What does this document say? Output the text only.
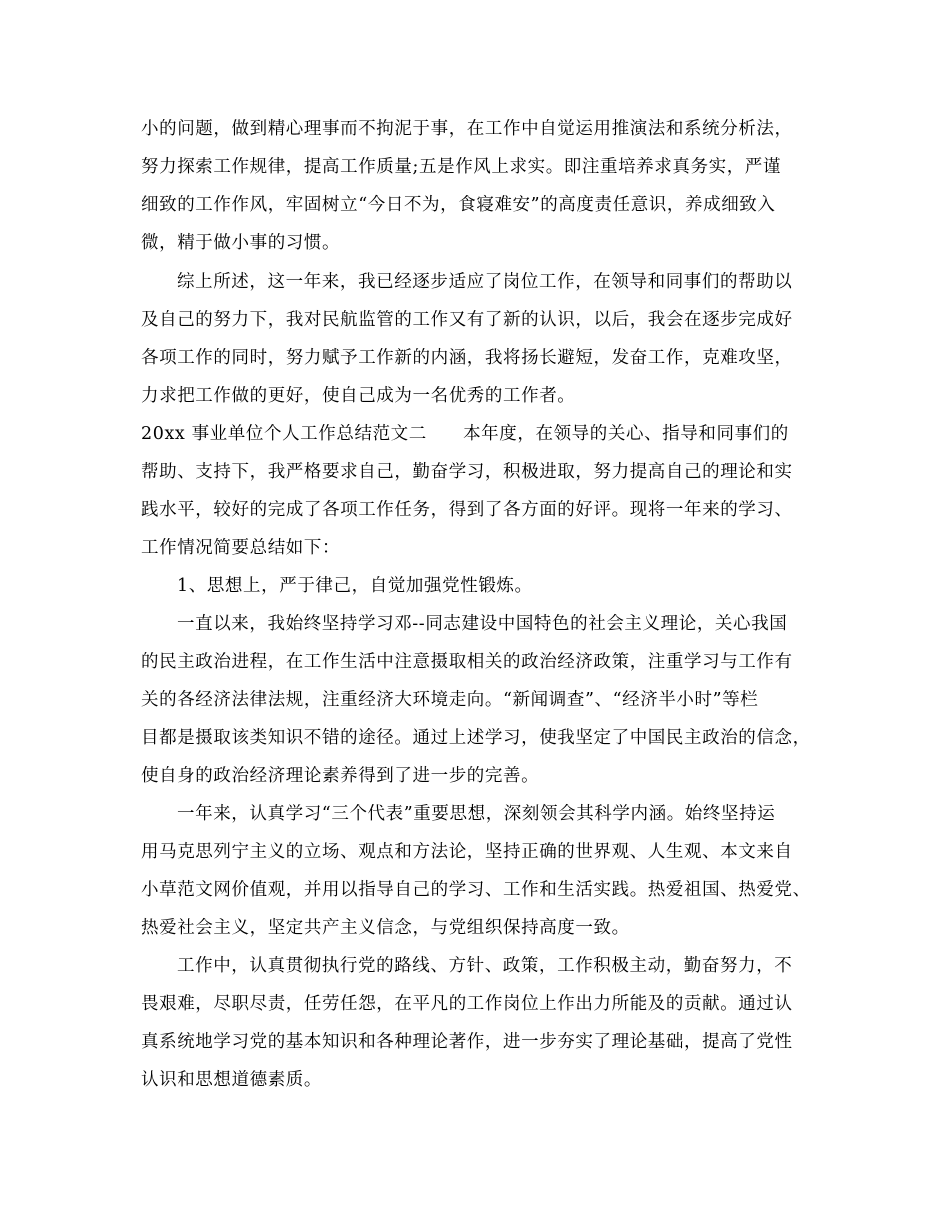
小的问题，做到精心理事而不拘泥于事，在工作中自觉运用推演法和系统分析法，
努力探索工作规律，提高工作质量;五是作风上求实。即注重培养求真务实，严谨
细致的工作作风，牢固树立“今日不为，食寝难安”的高度责任意识，养成细致入
微，精于做小事的习惯。
综上所述，这一年来，我已经逐步适应了岗位工作，在领导和同事们的帮助以
及自己的努力下，我对民航监管的工作又有了新的认识，以后，我会在逐步完成好
各项工作的同时，努力赋予工作新的内涵，我将扬长避短，发奋工作，克难攻坚，
力求把工作做的更好，使自己成为一名优秀的工作者。
20xx 事业单位个人工作总结范文二　　本年度，在领导的关心、指导和同事们的
帮助、支持下，我严格要求自己，勤奋学习，积极进取，努力提高自己的理论和实
践水平，较好的完成了各项工作任务，得到了各方面的好评。现将一年来的学习、
工作情况简要总结如下：
1、思想上，严于律己，自觉加强党性锻炼。
一直以来，我始终坚持学习邓--同志建设中国特色的社会主义理论，关心我国
的民主政治进程，在工作生活中注意摄取相关的政治经济政策，注重学习与工作有
关的各经济法律法规，注重经济大环境走向。“新闻调查”、“经济半小时”等栏
目都是摄取该类知识不错的途径。通过上述学习，使我坚定了中国民主政治的信念，
使自身的政治经济理论素养得到了进一步的完善。
一年来，认真学习“三个代表”重要思想，深刻领会其科学内涵。始终坚持运
用马克思列宁主义的立场、观点和方法论，坚持正确的世界观、人生观、本文来自
小草范文网价值观，并用以指导自己的学习、工作和生活实践。热爱祖国、热爱党、
热爱社会主义，坚定共产主义信念，与党组织保持高度一致。
工作中，认真贯彻执行党的路线、方针、政策，工作积极主动，勤奋努力，不
畏艰难，尽职尽责，任劳任怨，在平凡的工作岗位上作出力所能及的贡献。通过认
真系统地学习党的基本知识和各种理论著作，进一步夯实了理论基础，提高了党性
认识和思想道德素质。
